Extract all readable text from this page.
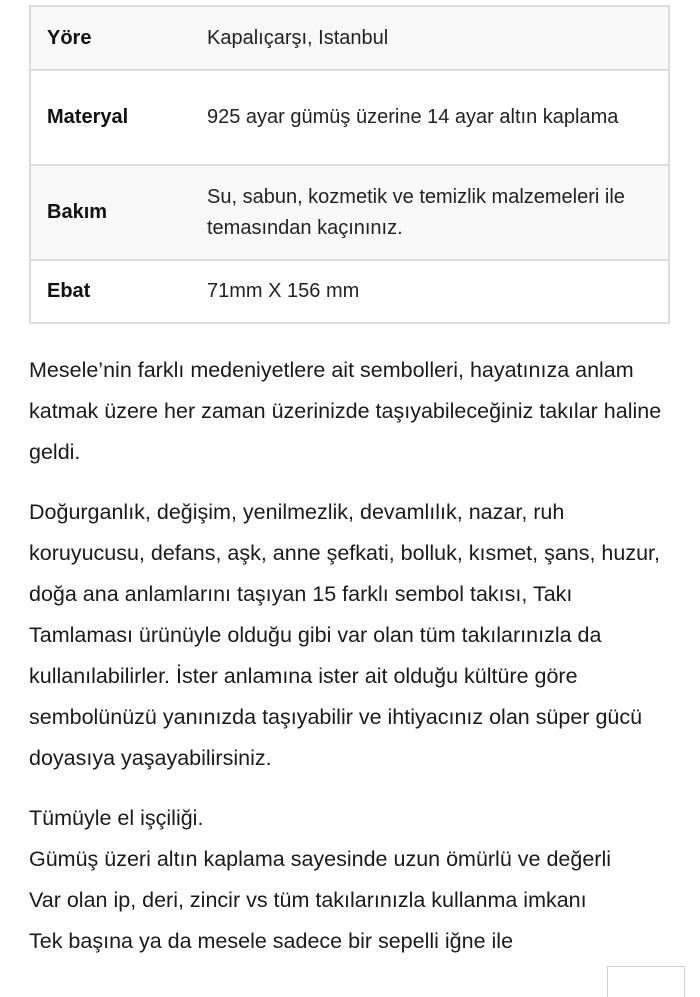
Yöre	Kapalıçarşı, Istanbul
Materyal	925 ayar gümüş üzerine 14 ayar altın kaplama
Bakım	Su, sabun, kozmetik ve temizlik malzemeleri ile temasından kaçınınız.
Ebat	71mm X 156 mm

Mesele’nin farklı medeniyetlere ait sembolleri, hayatınıza anlam katmak üzere her zaman üzerinizde taşıyabileceğiniz takılar haline geldi.

Doğurganlık, değişim, yenilmezlik, devamlılık, nazar, ruh koruyucusu, defans, aşk, anne şefkati, bolluk, kısmet, şans, huzur, doğa ana anlamlarını taşıyan 15 farklı sembol takısı, Takı Tamlaması ürünüyle olduğu gibi var olan tüm takılarınızla da kullanılabilirler. İster anlamına ister ait olduğu kültüre göre sembolünüzü yanınızda taşıyabilir ve ihtiyacınız olan süper gücü doyasıya yaşayabilirsiniz.

Tümüyle el işçiliği.
Gümüş üzeri altın kaplama sayesinde uzun ömürlü ve değerli
Var olan ip, deri, zincir vs tüm takılarınızla kullanma imkanı
Tek başına ya da mesele sadece bir sepelli iğne ile
